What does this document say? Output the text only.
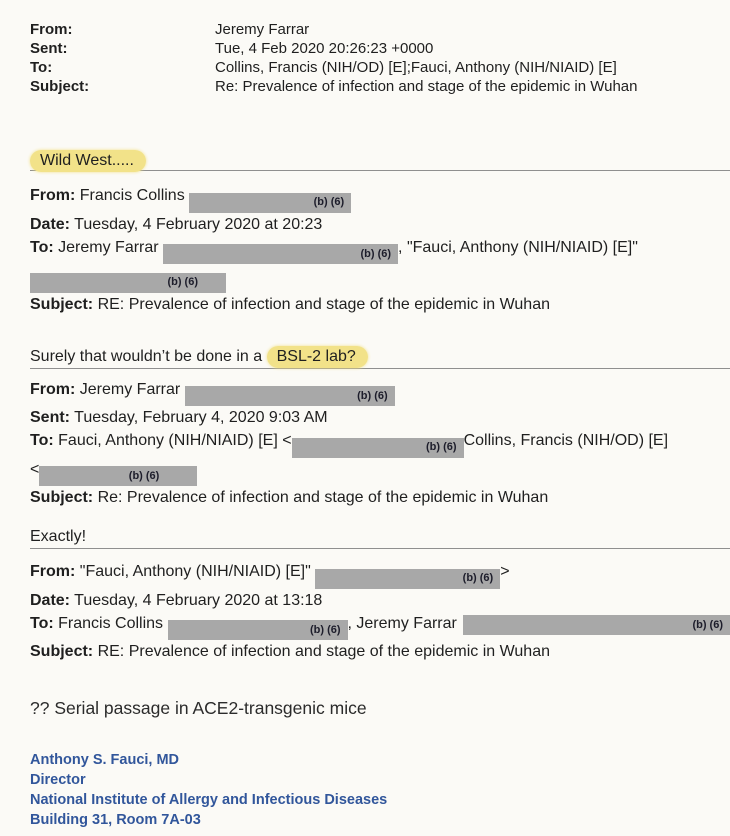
From:	Jeremy Farrar
Sent:	Tue, 4 Feb 2020 20:26:23 +0000
To:	Collins, Francis (NIH/OD) [E];Fauci, Anthony (NIH/NIAID) [E]
Subject:	Re: Prevalence of infection and stage of the epidemic in Wuhan
Wild West.....
From: Francis Collins	(b) (6)
Date: Tuesday, 4 February 2020 at 20:23
To: Jeremy Farrar	(b) (6) , "Fauci, Anthony (NIH/NIAID) [E]"
(b) (6)
Subject: RE: Prevalence of infection and stage of the epidemic in Wuhan
Surely that wouldn’t be done in a BSL-2 lab?
From: Jeremy Farrar	(b) (6)
Sent: Tuesday, February 4, 2020 9:03 AM
To: Fauci, Anthony (NIH/NIAID) [E] <	(b) (6) Collins, Francis (NIH/OD) [E]
<	(b) (6)
Subject: Re: Prevalence of infection and stage of the epidemic in Wuhan
Exactly!
From: "Fauci, Anthony (NIH/NIAID) [E]"	(b) (6) >
Date: Tuesday, 4 February 2020 at 13:18
To: Francis Collins	(b) (6) , Jeremy Farrar	(b) (6)
Subject: RE: Prevalence of infection and stage of the epidemic in Wuhan
?? Serial passage in ACE2-transgenic mice
Anthony S. Fauci, MD
Director
National Institute of Allergy and Infectious Diseases
Building 31, Room 7A-03
